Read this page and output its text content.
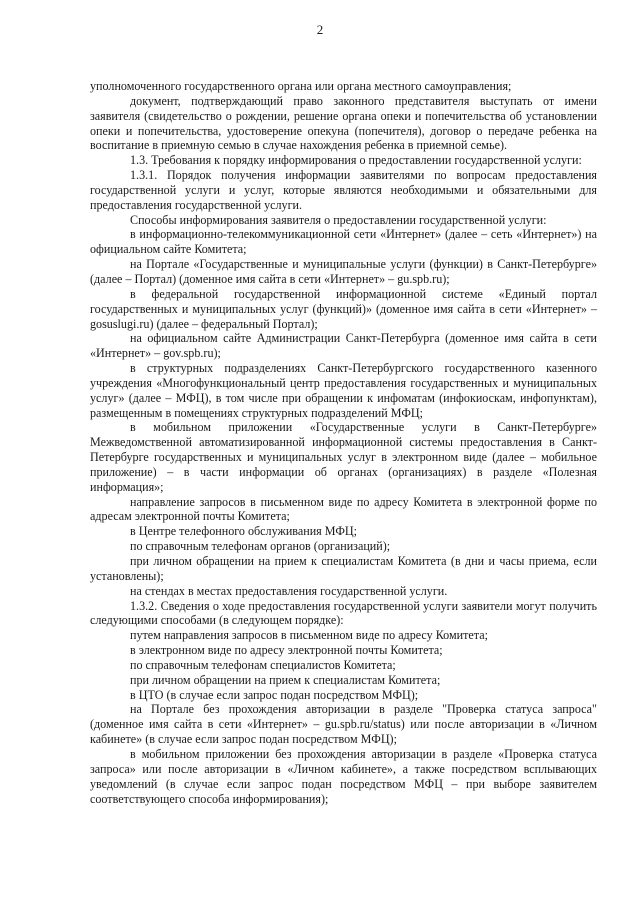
2

уполномоченного государственного органа или органа местного самоуправления;

документ, подтверждающий право законного представителя выступать от имени заявителя (свидетельство о рождении, решение органа опеки и попечительства об установлении опеки и попечительства, удостоверение опекуна (попечителя), договор о передаче ребенка на воспитание в приемную семью в случае нахождения ребенка в приемной семье).

1.3. Требования к порядку информирования о предоставлении государственной услуги:

1.3.1. Порядок получения информации заявителями по вопросам предоставления государственной услуги и услуг, которые являются необходимыми и обязательными для предоставления государственной услуги.

Способы информирования заявителя о предоставлении государственной услуги:

в информационно-телекоммуникационной сети «Интернет» (далее – сеть «Интернет») на официальном сайте Комитета;

на Портале «Государственные и муниципальные услуги (функции) в Санкт-Петербурге» (далее – Портал) (доменное имя сайта в сети «Интернет» – gu.spb.ru);

в федеральной государственной информационной системе «Единый портал государственных и муниципальных услуг (функций)» (доменное имя сайта в сети «Интернет» – gosuslugi.ru) (далее – федеральный Портал);

на официальном сайте Администрации Санкт-Петербурга (доменное имя сайта в сети «Интернет» – gov.spb.ru);

в структурных подразделениях Санкт-Петербургского государственного казенного учреждения «Многофункциональный центр предоставления государственных и муниципальных услуг» (далее – МФЦ), в том числе при обращении к инфоматам (инфокиоскам, инфопунктам), размещенным в помещениях структурных подразделений МФЦ;

в мобильном приложении «Государственные услуги в Санкт-Петербурге» Межведомственной автоматизированной информационной системы предоставления в Санкт-Петербурге государственных и муниципальных услуг в электронном виде (далее – мобильное приложение) – в части информации об органах (организациях) в разделе «Полезная информация»;

направление запросов в письменном виде по адресу Комитета в электронной форме по адресам электронной почты Комитета;

в Центре телефонного обслуживания МФЦ;

по справочным телефонам органов (организаций);

при личном обращении на прием к специалистам Комитета (в дни и часы приема, если установлены);

на стендах в местах предоставления государственной услуги.

1.3.2. Сведения о ходе предоставления государственной услуги заявители могут получить следующими способами (в следующем порядке):

путем направления запросов в письменном виде по адресу Комитета;

в электронном виде по адресу электронной почты Комитета;

по справочным телефонам специалистов Комитета;

при личном обращении на прием к специалистам Комитета;

в ЦТО (в случае если запрос подан посредством МФЦ);

на Портале без прохождения авторизации в разделе "Проверка статуса запроса" (доменное имя сайта в сети «Интернет» – gu.spb.ru/status) или после авторизации в «Личном кабинете» (в случае если запрос подан посредством МФЦ);

в мобильном приложении без прохождения авторизации в разделе «Проверка статуса запроса» или после авторизации в «Личном кабинете», а также посредством всплывающих уведомлений (в случае если запрос подан посредством МФЦ – при выборе заявителем соответствующего способа информирования);
